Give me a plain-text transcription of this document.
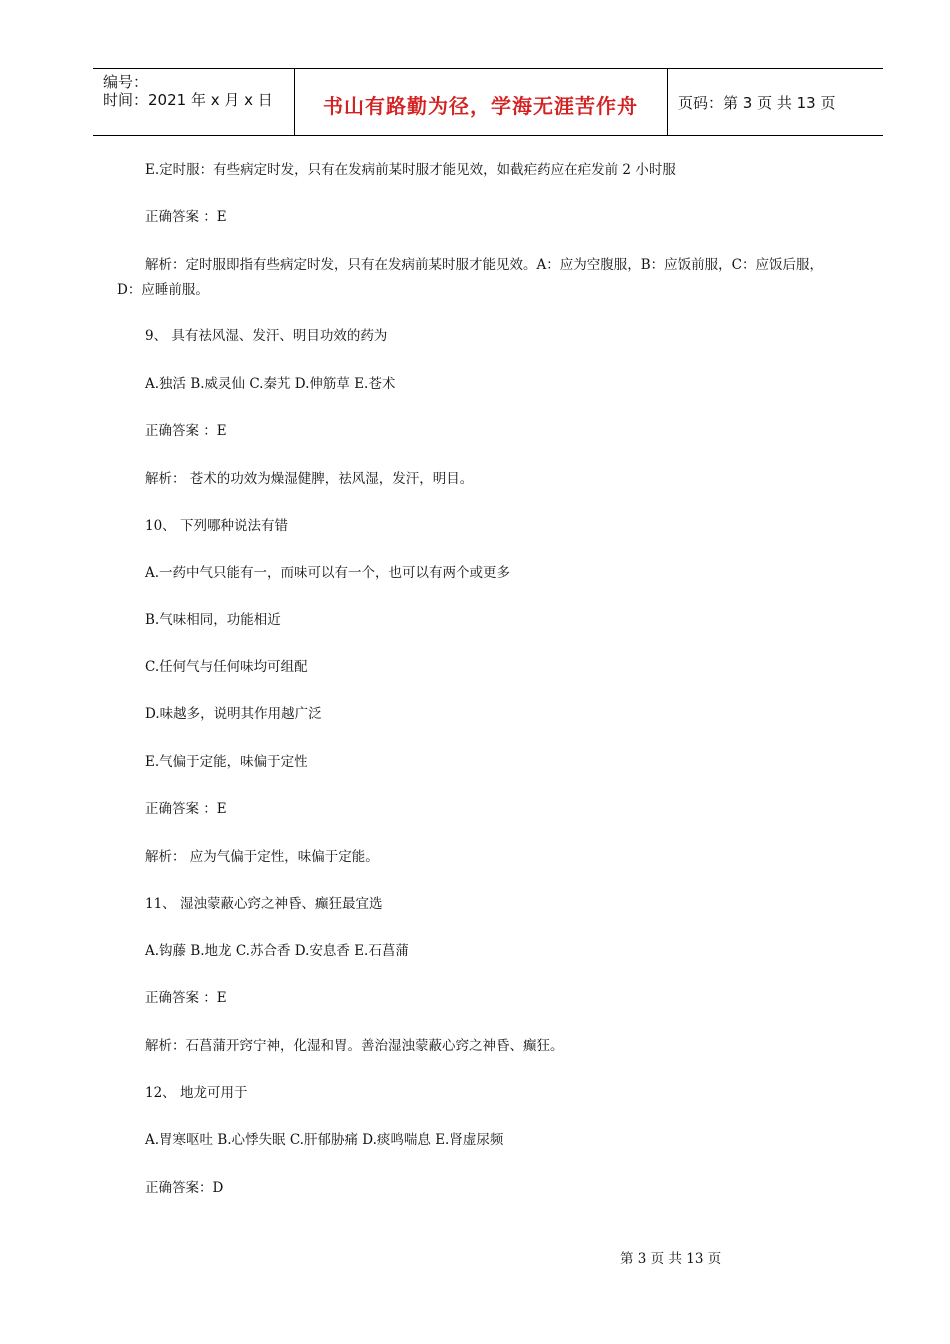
编号：
时间：2021 年 x 月 x 日	书山有路勤为径，学海无涯苦作舟	页码：第 3 页 共 13 页
E.定时服：有些病定时发，只有在发病前某时服才能见效，如截疟药应在疟发前 2 小时服
正确答案 ：E
解析：定时服即指有些病定时发，只有在发病前某时服才能见效。A：应为空腹服，B：应饭前服，C：应饭后服，
D：应睡前服。
9、 具有祛风湿、发汗、明目功效的药为
A.独活 B.威灵仙 C.秦艽 D.伸筋草 E.苍术
正确答案 ：E
解析： 苍术的功效为燥湿健脾，祛风湿，发汗，明目。
10、 下列哪种说法有错
A.一药中气只能有一，而味可以有一个，也可以有两个或更多
B.气味相同，功能相近
C.任何气与任何味均可组配
D.味越多，说明其作用越广泛
E.气偏于定能，味偏于定性
正确答案 ：E
解析： 应为气偏于定性，味偏于定能。
11、 湿浊蒙蔽心窍之神昏、癫狂最宜选
A.钩藤 B.地龙 C.苏合香 D.安息香 E.石菖蒲
正确答案 ：E
解析：石菖蒲开窍宁神，化湿和胃。善治湿浊蒙蔽心窍之神昏、癫狂。
12、 地龙可用于
A.胃寒呕吐 B.心悸失眠 C.肝郁胁痛 D.痰鸣喘息 E.肾虚尿频
正确答案：D
第 3 页 共 13 页
